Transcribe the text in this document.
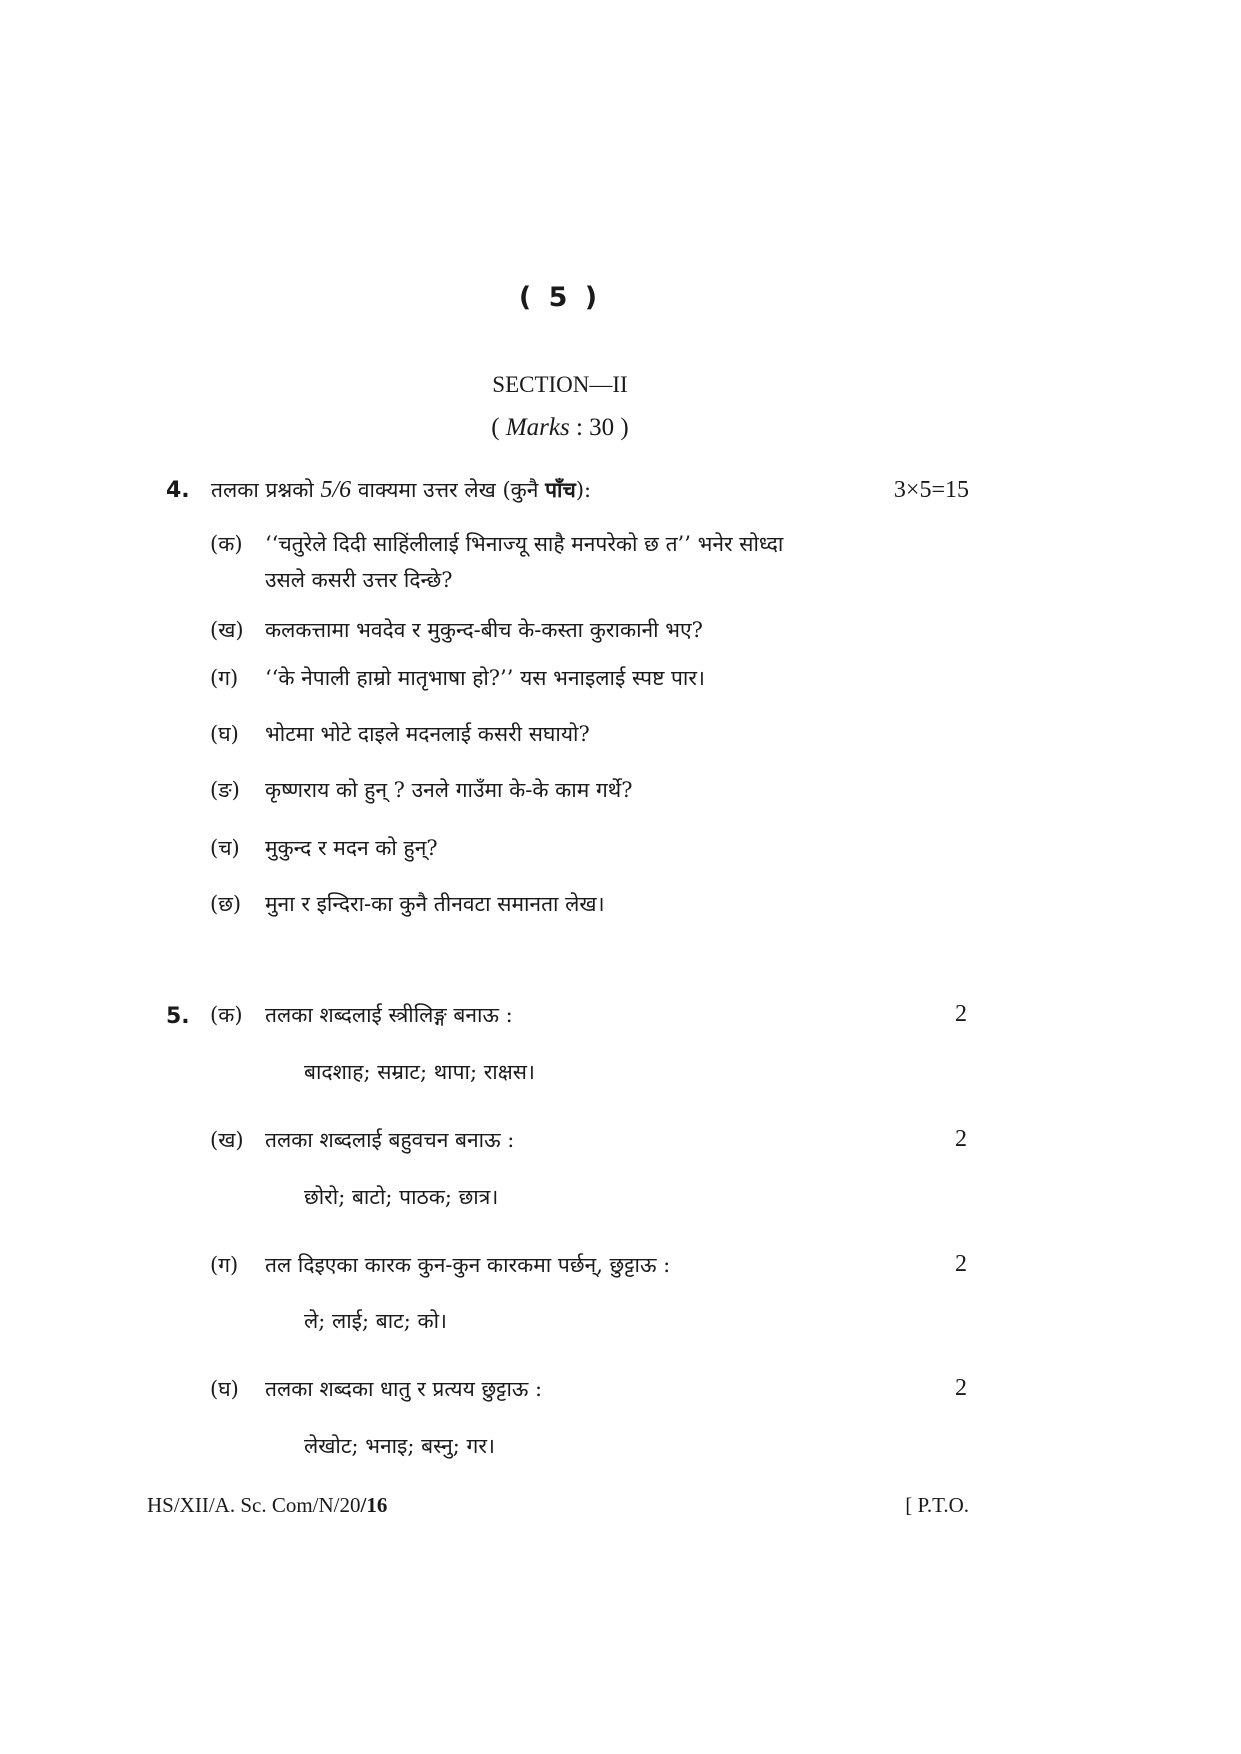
( 5 )
SECTION—II
( Marks : 30 )
4. तलका प्रश्नको 5/6 वाक्यमा उत्तर लेख (कुनै पाँच):	3×5=15
(क) ‘‘चतुरेले दिदी साहिंलीलाई भिनाज्यू साहै मनपरेको छ त’’ भनेर सोध्दा
उसले कसरी उत्तर दिन्छे?
(ख) कलकत्तामा भवदेव र मुकुन्द-बीच के-कस्ता कुराकानी भए?
(ग) ‘‘के नेपाली हाम्रो मातृभाषा हो?’’ यस भनाइलाई स्पष्ट पार।
(घ) भोटमा भोटे दाइले मदनलाई कसरी सघायो?
(ङ) कृष्णराय को हुन् ? उनले गाउँमा के-के काम गर्थे?
(च) मुकुन्द र मदन को हुन्?
(छ) मुना र इन्दिरा-का कुनै तीनवटा समानता लेख।
5. (क) तलका शब्दलाई स्त्रीलिङ्ग बनाऊ :	2
बादशाह; सम्राट; थापा; राक्षस।
(ख) तलका शब्दलाई बहुवचन बनाऊ :	2
छोरो; बाटो; पाठक; छात्र।
(ग) तल दिइएका कारक कुन-कुन कारकमा पर्छन्, छुट्टाऊ :	2
ले; लाई; बाट; को।
(घ) तलका शब्दका धातु र प्रत्यय छुट्टाऊ :	2
लेखोट; भनाइ; बस्नु; गर।
HS/XII/A. Sc. Com/N/20/16	[ P.T.O.
